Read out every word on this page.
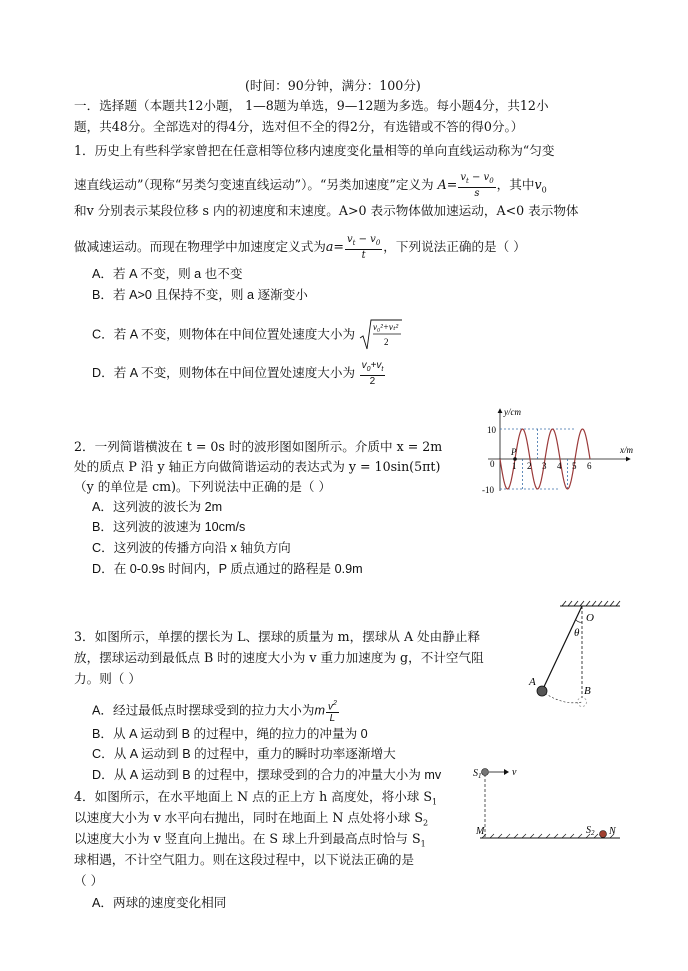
(时间：90分钟，满分：100分)
一．选择题（本题共12小题， 1—8题为单选，9—12题为多选。每小题4分，共12小
题，共48分。全部选对的得4分，选对但不全的得2分，有选错或不答的得0分。）
1．历史上有些科学家曾把在任意相等位移内速度变化量相等的单向直线运动称为“匀变
速直线运动”（现称“另类匀变速直线运动”）。“另类加速度”定义为 $A= \frac{v_t - v_0}{s}$ ，其中$v_0$
和v 分别表示某段位移 s 内的初速度和末速度。A>0 表示物体做加速运动，A<0 表示物体
做减速运动。而现在物理学中加速度定义式为$a= \frac{v_t - v_0}{t}$ ，下列说法正确的是（ ）
A．若 A 不变，则 a 也不变
B．若 A>0 且保持不变，则 a 逐渐变小
C．若 A 不变，则物体在中间位置处速度大小为
v₀²+vₜ²
2
D．若 A 不变，则物体在中间位置处速度大小为 $\frac{v_0+v_t}{2}$
2．一列简谐横波在 t = 0s 时的波形图如图所示。介质中 x = 2m
处的质点 P 沿 y 轴正方向做简谐运动的表达式为 y = 10sin(5πt)
（y 的单位是 cm)。下列说法中正确的是（ ）
A．这列波的波长为 2m
B．这列波的波速为 10cm/s
C．这列波的传播方向沿 x 轴负方向
D．在 0-0.9s 时间内，P 质点通过的路程是 0.9m
y/cm
x/m
0
10
-10
P
1 2 3 4 5 6
3．如图所示，单摆的摆长为 L、摆球的质量为 m，摆球从 A 处由静止释
放，摆球运动到最低点 B 时的速度大小为 v 重力加速度为 g，不计空气阻
力。则（ ）
A．经过最低点时摆球受到的拉力大小为m $\frac{v^2}{L}$
B．从 A 运动到 B 的过程中，绳的拉力的冲量为 0
C．从 A 运动到 B 的过程中，重力的瞬时功率逐渐增大
D．从 A 运动到 B 的过程中，摆球受到的合力的冲量大小为 mv
O
θ
A
B
4．如图所示，在水平地面上 N 点的正上方 h 高度处，将小球 $S_1$
以速度大小为 v 水平向右抛出，同时在地面上 N 点处将小球 $S_2$
以速度大小为 v 竖直向上抛出。在 S 球上升到最高点时恰与 $S_1$
球相遇，不计空气阻力。则在这段过程中，以下说法正确的是
（ ）
A．两球的速度变化相同
$S_1$	v
M	$S_2$ N
